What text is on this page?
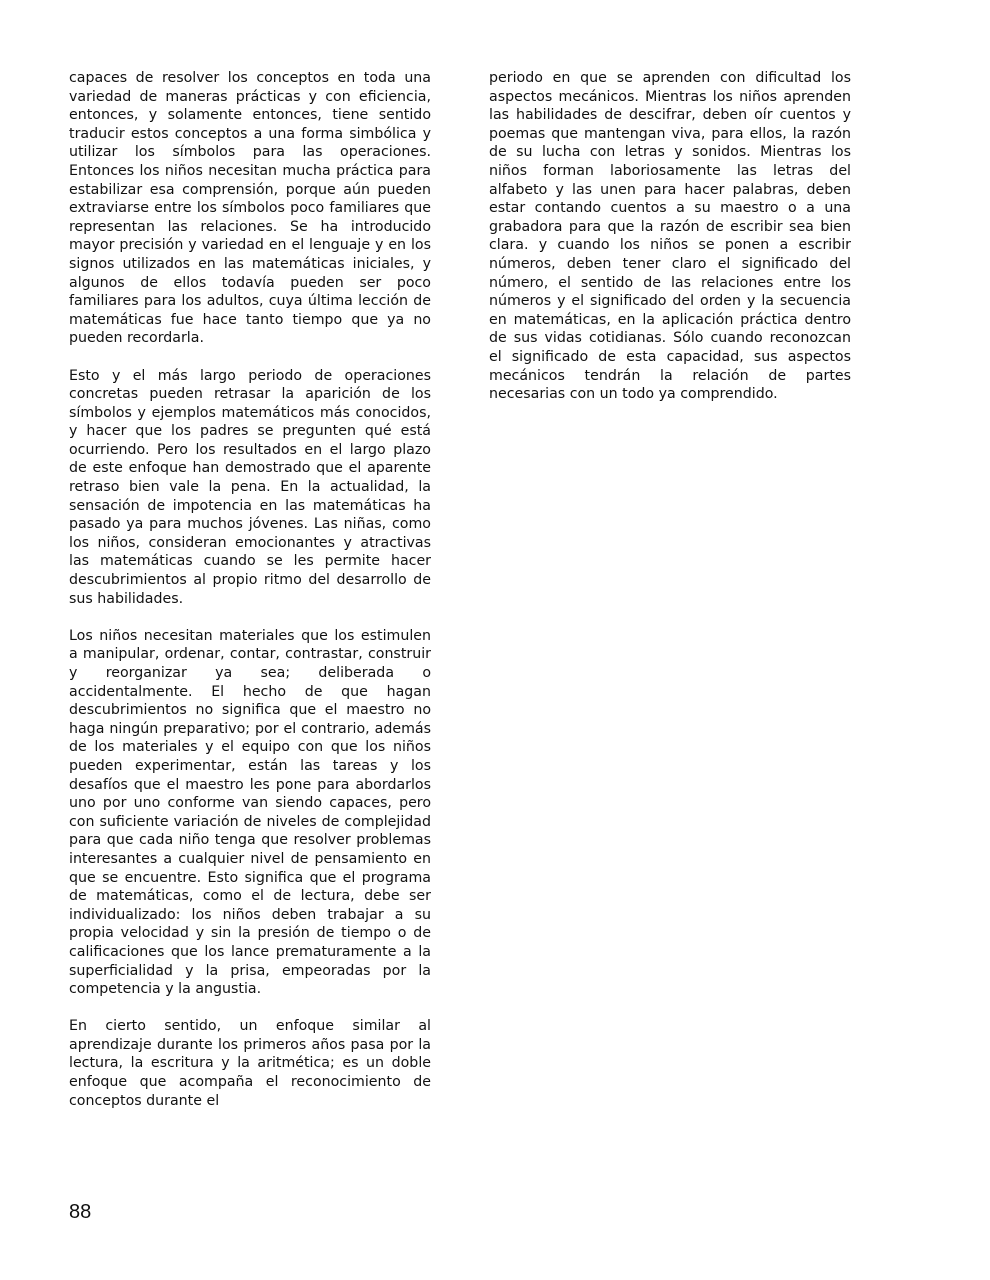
capaces de resolver los conceptos en toda una variedad de maneras prácticas y con eficiencia, entonces, y solamente entonces, tiene sentido traducir estos conceptos a una forma simbólica y utilizar los símbolos para las operaciones. Entonces los niños necesitan mucha práctica para estabilizar esa comprensión, porque aún pueden extraviarse entre los símbolos poco familiares que representan las relaciones. Se ha introducido mayor precisión y variedad en el lenguaje y en los signos utilizados en las matemáticas iniciales, y algunos de ellos todavía pueden ser poco familiares para los adultos, cuya última lección de matemáticas fue hace tanto tiempo que ya no pueden recordarla.

Esto y el más largo periodo de operaciones concretas pueden retrasar la aparición de los símbolos y ejemplos matemáticos más conocidos, y hacer que los padres se pregunten qué está ocurriendo. Pero los resultados en el largo plazo de este enfoque han demostrado que el aparente retraso bien vale la pena. En la actualidad, la sensación de impotencia en las matemáticas ha pasado ya para muchos jóvenes. Las niñas, como los niños, consideran emocionantes y atractivas las matemáticas cuando se les permite hacer descubrimientos al propio ritmo del desarrollo de sus habilidades.

Los niños necesitan materiales que los estimulen a manipular, ordenar, contar, contrastar, construir y reorganizar ya sea; deliberada o accidentalmente. El hecho de que hagan descubrimientos no significa que el maestro no haga ningún preparativo; por el contrario, además de los materiales y el equipo con que los niños pueden experimentar, están las tareas y los desafíos que el maestro les pone para abordarlos uno por uno conforme van siendo capaces, pero con suficiente variación de niveles de complejidad para que cada niño tenga que resolver problemas interesantes a cualquier nivel de pensamiento en que se encuentre. Esto significa que el programa de matemáticas, como el de lectura, debe ser individualizado: los niños deben trabajar a su propia velocidad y sin la presión de tiempo o de calificaciones que los lance prematuramente a la superficialidad y la prisa, empeoradas por la competencia y la angustia.

En cierto sentido, un enfoque similar al aprendizaje durante los primeros años pasa por la lectura, la escritura y la aritmética; es un doble enfoque que acompaña el reconocimiento de conceptos durante el

periodo en que se aprenden con dificultad los aspectos mecánicos. Mientras los niños aprenden las habilidades de descifrar, deben oír cuentos y poemas que mantengan viva, para ellos, la razón de su lucha con letras y sonidos. Mientras los niños forman laboriosamente las letras del alfabeto y las unen para hacer palabras, deben estar contando cuentos a su maestro o a una grabadora para que la razón de escribir sea bien clara. y cuando los niños se ponen a escribir números, deben tener claro el significado del número, el sentido de las relaciones entre los números y el significado del orden y la secuencia en matemáticas, en la aplicación práctica dentro de sus vidas cotidianas. Sólo cuando reconozcan el significado de esta capacidad, sus aspectos mecánicos tendrán la relación de partes necesarias con un todo ya comprendido.

88
